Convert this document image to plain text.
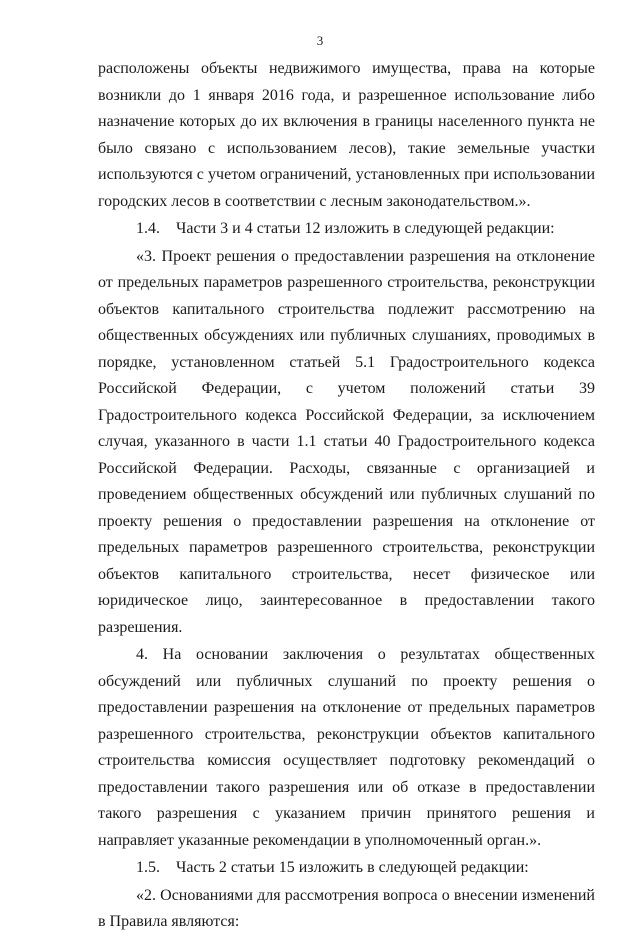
3

расположены объекты недвижимого имущества, права на которые возникли до 1 января 2016 года, и разрешенное использование либо назначение которых до их включения в границы населенного пункта не было связано с использованием лесов), такие земельные участки используются с учетом ограничений, установленных при использовании городских лесов в соответствии с лесным законодательством.».

1.4. Части 3 и 4 статьи 12 изложить в следующей редакции:

«3. Проект решения о предоставлении разрешения на отклонение от предельных параметров разрешенного строительства, реконструкции объектов капитального строительства подлежит рассмотрению на общественных обсуждениях или публичных слушаниях, проводимых в порядке, установленном статьей 5.1 Градостроительного кодекса Российской Федерации, с учетом положений статьи 39 Градостроительного кодекса Российской Федерации, за исключением случая, указанного в части 1.1 статьи 40 Градостроительного кодекса Российской Федерации. Расходы, связанные с организацией и проведением общественных обсуждений или публичных слушаний по проекту решения о предоставлении разрешения на отклонение от предельных параметров разрешенного строительства, реконструкции объектов капитального строительства, несет физическое или юридическое лицо, заинтересованное в предоставлении такого разрешения.

4. На основании заключения о результатах общественных обсуждений или публичных слушаний по проекту решения о предоставлении разрешения на отклонение от предельных параметров разрешенного строительства, реконструкции объектов капитального строительства комиссия осуществляет подготовку рекомендаций о предоставлении такого разрешения или об отказе в предоставлении такого разрешения с указанием причин принятого решения и направляет указанные рекомендации в уполномоченный орган.».

1.5. Часть 2 статьи 15 изложить в следующей редакции:

«2. Основаниями для рассмотрения вопроса о внесении изменений в Правила являются:
